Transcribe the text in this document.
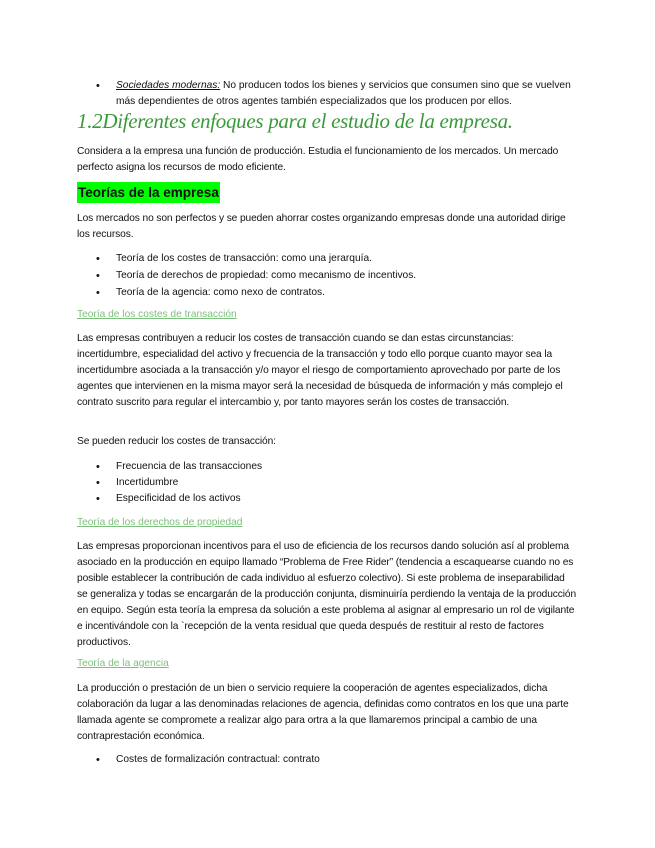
•	Sociedades modernas: No producen todos los bienes y servicios que consumen sino que se vuelven más dependientes de otros agentes también especializados que los producen por ellos.
1.2Diferentes enfoques para el estudio de la empresa.
Considera a la empresa una función de producción. Estudia el funcionamiento de los mercados. Un mercado perfecto asigna los recursos de modo eficiente.
Teorías de la empresa
Los mercados no son perfectos y se pueden ahorrar costes organizando empresas donde una autoridad dirige los recursos.
•	Teoría de los costes de transacción: como una jerarquía.
•	Teoría de derechos de propiedad: como mecanismo de incentivos.
•	Teoría de la agencia: como nexo de contratos.
Teoría de los costes de transacción
Las empresas contribuyen a reducir los costes de transacción cuando se dan estas circunstancias: incertidumbre, especialidad del activo y frecuencia de la transacción y todo ello porque cuanto mayor sea la incertidumbre asociada a la transacción y/o mayor el riesgo de comportamiento aprovechado por parte de los agentes que intervienen en la misma mayor será la necesidad de búsqueda de información y más complejo el contrato suscrito para regular el intercambio y, por tanto mayores serán los costes de transacción.
Se pueden reducir los costes de transacción:
•	Frecuencia de las transacciones
•	Incertidumbre
•	Especificidad de los activos
Teoría de los derechos de propiedad
Las empresas proporcionan incentivos para el uso de eficiencia de los recursos dando solución así al problema asociado en la producción en equipo llamado “Problema de Free Rider” (tendencia a escaquearse cuando no es posible establecer la contribución de cada individuo al esfuerzo colectivo). Si este problema de inseparabilidad se generaliza y todas se encargarán de la producción conjunta, disminuiría perdiendo la ventaja de la producción en equipo. Según esta teoría la empresa da solución a este problema al asignar al empresario un rol de vigilante e incentivándole con la `recepción de la venta residual que queda después de restituir al resto de factores productivos.
Teoría de la agencia
La producción o prestación de un bien o servicio requiere la cooperación de agentes especializados, dicha colaboración da lugar a las denominadas relaciones de agencia, definidas como contratos en los que una parte llamada agente se compromete a realizar algo para ortra a la que llamaremos principal a cambio de una contraprestación económica.
•	Costes de formalización contractual: contrato
